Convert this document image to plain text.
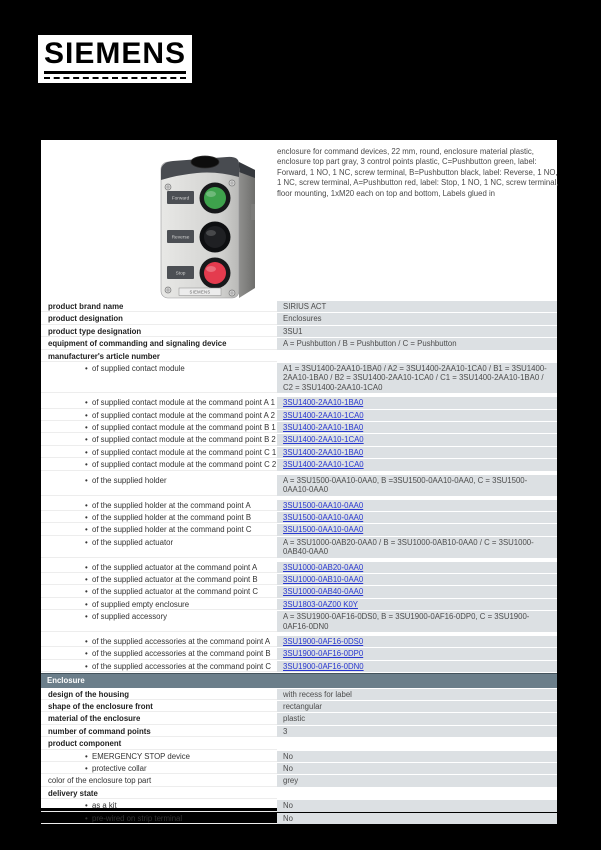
SIEMENS
Forward
Reverse
Stop
SIEMENS
enclosure for command devices, 22 mm, round, enclosure material plastic, enclosure top part gray, 3 control points plastic, C=Pushbutton green, label: Forward, 1 NO, 1 NC, screw terminal, B=Pushbutton black, label: Reverse, 1 NO, 1 NC, screw terminal, A=Pushbutton red, label: Stop, 1 NO, 1 NC, screw terminal, floor mounting, 1xM20 each on top and bottom, Labels glued in
product brand name	SIRIUS ACT
product designation	Enclosures
product type designation	3SU1
equipment of commanding and signaling device	A = Pushbutton / B = Pushbutton / C = Pushbutton
manufacturer's article number
• of supplied contact module	A1 = 3SU1400-2AA10-1BA0 / A2 = 3SU1400-2AA10-1CA0 / B1 = 3SU1400-2AA10-1BA0 / B2 = 3SU1400-2AA10-1CA0 / C1 = 3SU1400-2AA10-1BA0 / C2 = 3SU1400-2AA10-1CA0
• of supplied contact module at the command point A 1	3SU1400-2AA10-1BA0
• of supplied contact module at the command point A 2	3SU1400-2AA10-1CA0
• of supplied contact module at the command point B 1 3SU1400-2AA10-1BA0
• of supplied contact module at the command point B 2 3SU1400-2AA10-1CA0
• of supplied contact module at the command point C 1 3SU1400-2AA10-1BA0
• of supplied contact module at the command point C 2 3SU1400-2AA10-1CA0
• of the supplied holder	A = 3SU1500-0AA10-0AA0, B =3SU1500-0AA10-0AA0, C = 3SU1500-0AA10-0AA0
• of the supplied holder at the command point A	3SU1500-0AA10-0AA0
• of the supplied holder at the command point B	3SU1500-0AA10-0AA0
• of the supplied holder at the command point C	3SU1500-0AA10-0AA0
• of the supplied actuator	A = 3SU1000-0AB20-0AA0 / B = 3SU1000-0AB10-0AA0 / C = 3SU1000-0AB40-0AA0
• of the supplied actuator at the command point A	3SU1000-0AB20-0AA0
• of the supplied actuator at the command point B	3SU1000-0AB10-0AA0
• of the supplied actuator at the command point C	3SU1000-0AB40-0AA0
• of supplied empty enclosure	3SU1803-0AZ00 K0Y
• of supplied accessory	A = 3SU1900-0AF16-0DS0, B = 3SU1900-0AF16-0DP0, C = 3SU1900-0AF16-0DN0
• of the supplied accessories at the command point A	3SU1900-0AF16-0DS0
• of the supplied accessories at the command point B	3SU1900-0AF16-0DP0
• of the supplied accessories at the command point C	3SU1900-0AF16-0DN0
Enclosure
design of the housing	with recess for label
shape of the enclosure front	rectangular
material of the enclosure	plastic
number of command points	3
product component
• EMERGENCY STOP device	No
• protective collar	No
color of the enclosure top part	grey
delivery state
• as a kit	No
• pre-wired on strip terminal	No
